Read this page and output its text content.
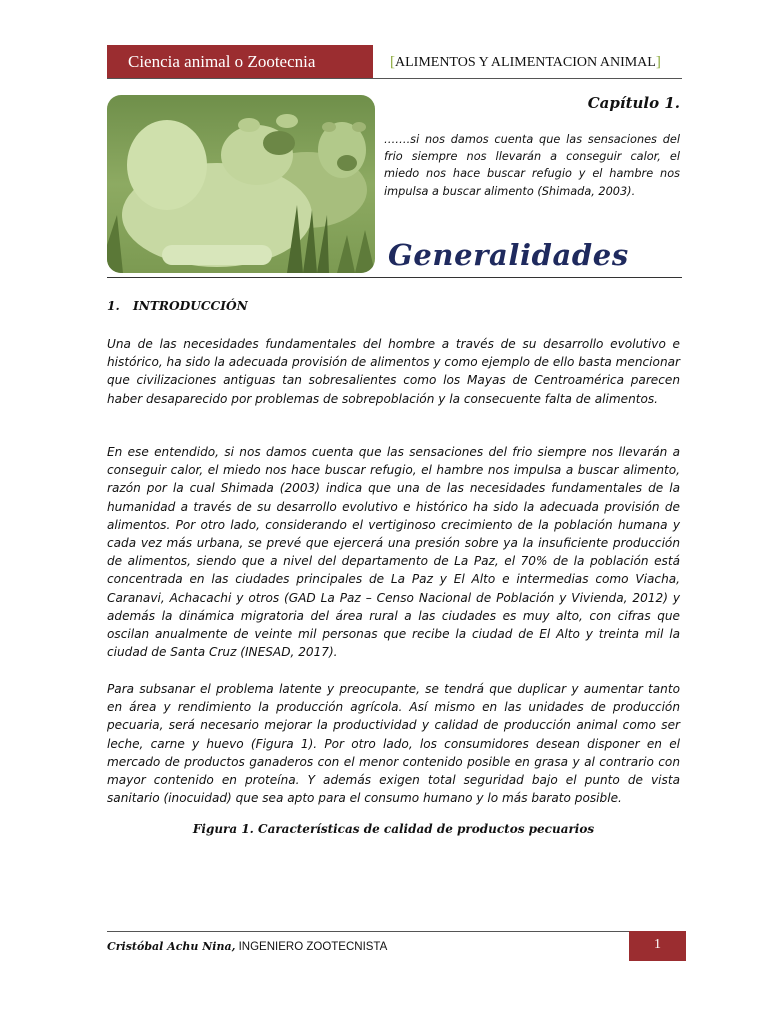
Ciencia animal o Zootecnia	[ALIMENTOS Y ALIMENTACION ANIMAL]
Capítulo 1.
…….si nos damos cuenta que las sensaciones del frio siempre nos llevarán a conseguir calor, el miedo nos hace buscar refugio y el hambre nos impulsa a buscar alimento (Shimada, 2003).
Generalidades
1. INTRODUCCIÓN
Una de las necesidades fundamentales del hombre a través de su desarrollo evolutivo e histórico, ha sido la adecuada provisión de alimentos y como ejemplo de ello basta mencionar que civilizaciones antiguas tan sobresalientes como los Mayas de Centroamérica parecen haber desaparecido por problemas de sobrepoblación y la consecuente falta de alimentos.
En ese entendido, si nos damos cuenta que las sensaciones del frio siempre nos llevarán a conseguir calor, el miedo nos hace buscar refugio, el hambre nos impulsa a buscar alimento, razón por la cual Shimada (2003) indica que una de las necesidades fundamentales de la humanidad a través de su desarrollo evolutivo e histórico ha sido la adecuada provisión de alimentos. Por otro lado, considerando el vertiginoso crecimiento de la población humana y cada vez más urbana, se prevé que ejercerá una presión sobre ya la insuficiente producción de alimentos, siendo que a nivel del departamento de La Paz, el 70% de la población está concentrada en las ciudades principales de La Paz y El Alto e intermedias como Viacha, Caranavi, Achacachi y otros (GAD La Paz – Censo Nacional de Población y Vivienda, 2012) y además la dinámica migratoria del área rural a las ciudades es muy alto, con cifras que oscilan anualmente de veinte mil personas que recibe la ciudad de El Alto y treinta mil la ciudad de Santa Cruz (INESAD, 2017).
Para subsanar el problema latente y preocupante, se tendrá que duplicar y aumentar tanto en área y rendimiento la producción agrícola. Así mismo en las unidades de producción pecuaria, será necesario mejorar la productividad y calidad de producción animal como ser leche, carne y huevo (Figura 1). Por otro lado, los consumidores desean disponer en el mercado de productos ganaderos con el menor contenido posible en grasa y al contrario con mayor contenido en proteína. Y además exigen total seguridad bajo el punto de vista sanitario (inocuidad) que sea apto para el consumo humano y lo más barato posible.
Figura 1. Características de calidad de productos pecuarios
Cristóbal Achu Nina, INGENIERO ZOOTECNISTA	1
